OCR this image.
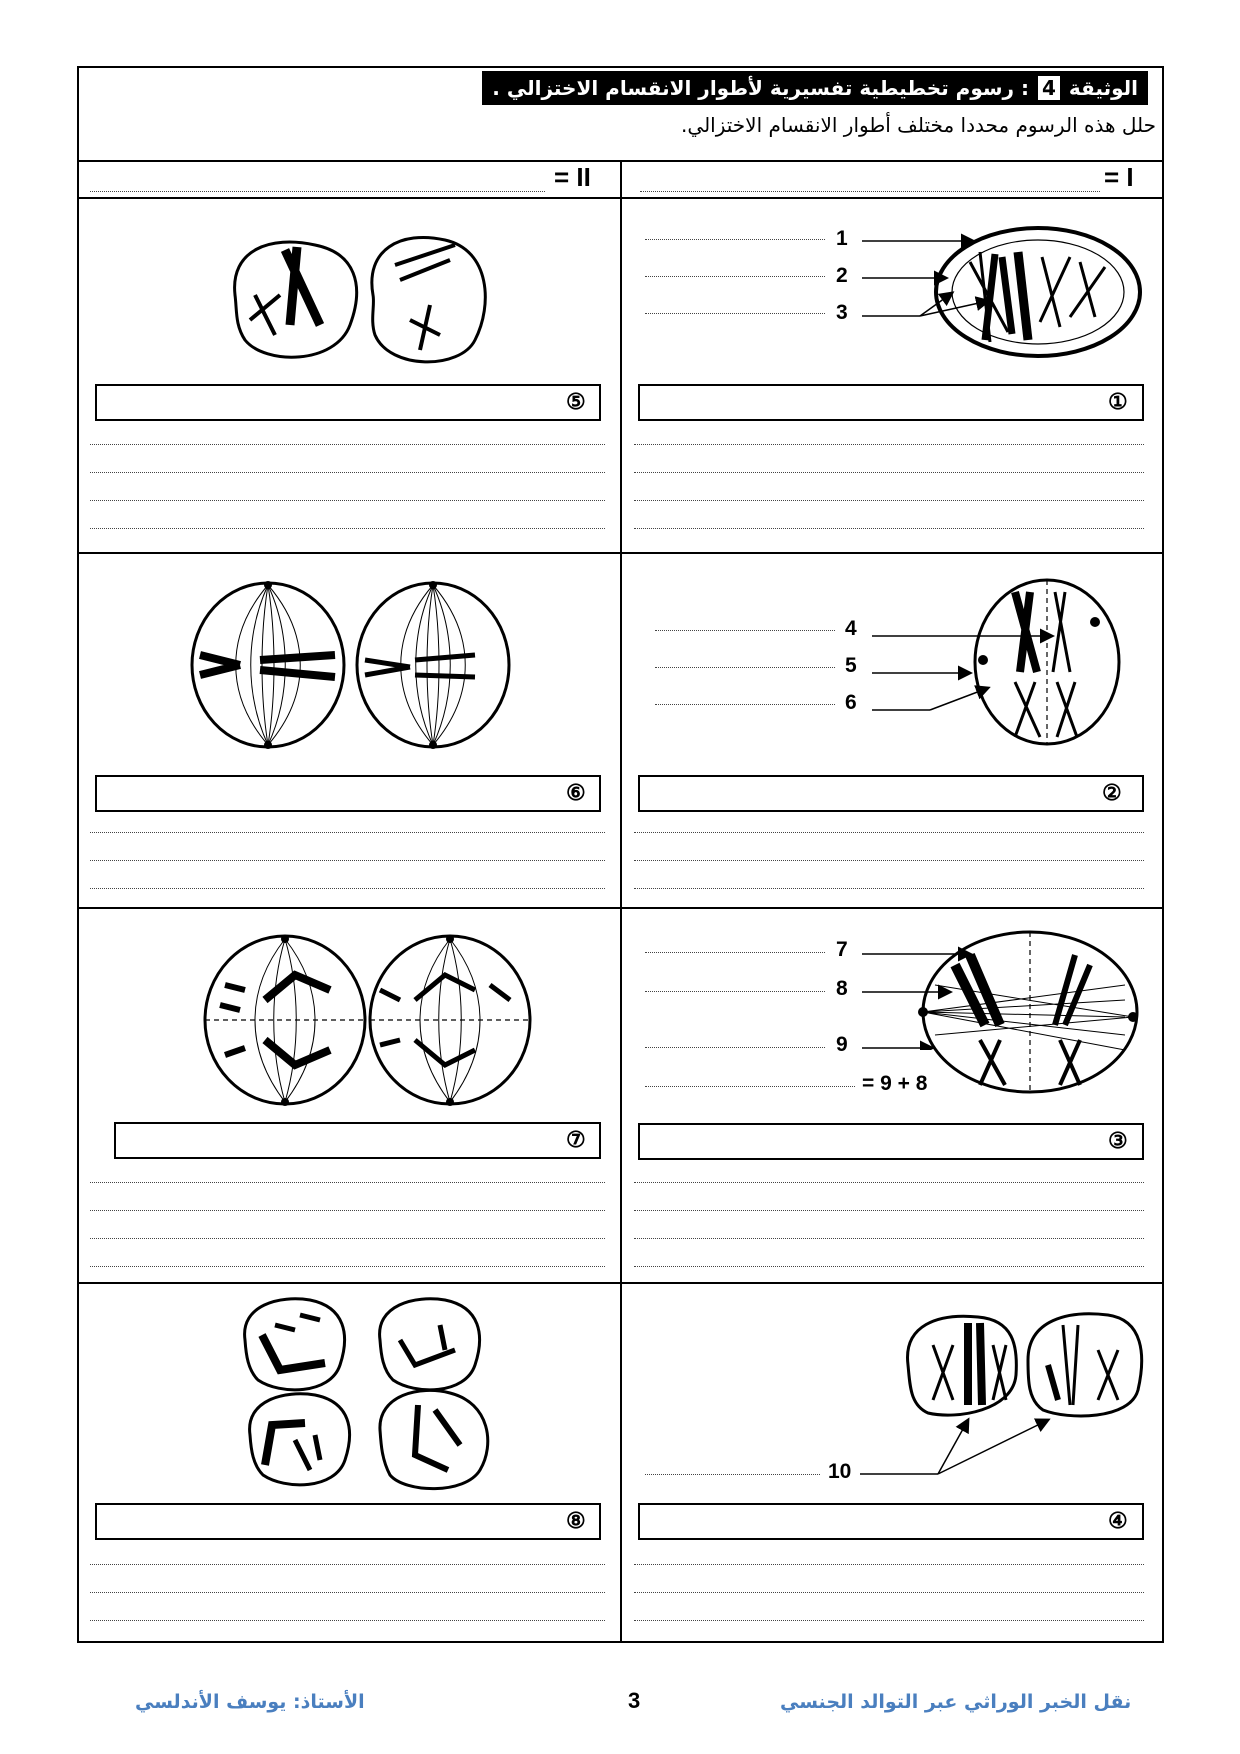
الوثيقة 4 : رسوم تخطيطية تفسيرية لأطوار الانقسام الاختزالي .
حلل هذه الرسوم محددا مختلف أطوار الانقسام الاختزالي.
I =
II =
1
2
3
①
⑤
4
5
6
②
⑥
7
8
9
= 9 + 8
③
⑦
10
④
⑧
الأستاذ: يوسف الأندلسي	3	نقل الخبر الوراثي عبر التوالد الجنسي
